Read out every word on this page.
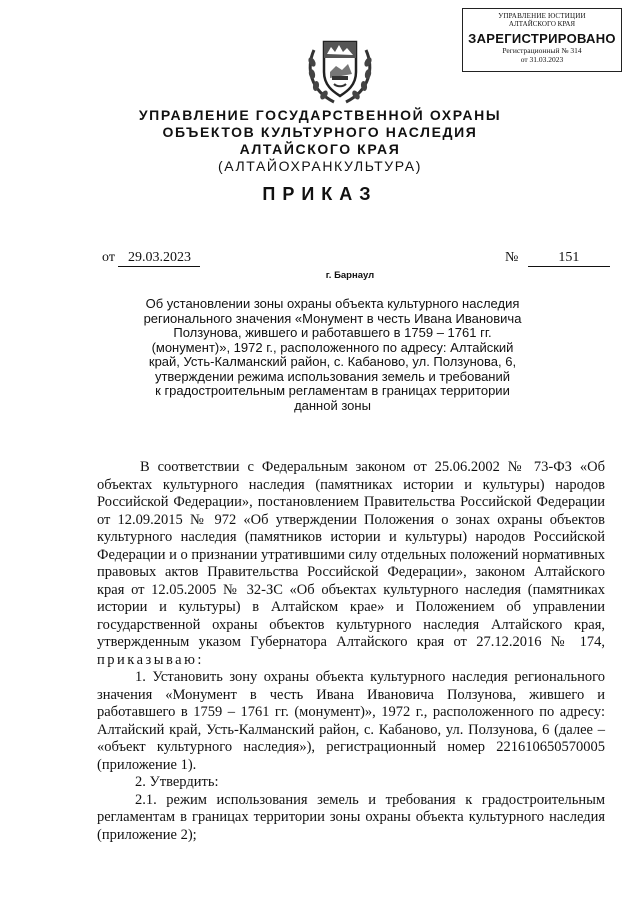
УПРАВЛЕНИЕ ЮСТИЦИИ
АЛТАЙСКОГО КРАЯ
ЗАРЕГИСТРИРОВАНО
Регистрационный № 314
от 31.03.2023
УПРАВЛЕНИЕ ГОСУДАРСТВЕННОЙ ОХРАНЫ
ОБЪЕКТОВ КУЛЬТУРНОГО НАСЛЕДИЯ
АЛТАЙСКОГО КРАЯ
(АЛТАЙОХРАНКУЛЬТУРА)
ПРИКАЗ
от 29.03.2023	№	151
г. Барнаул
Об установлении зоны охраны объекта культурного наследия
регионального значения «Монумент в честь Ивана Ивановича
Ползунова, жившего и работавшего в 1759 – 1761 гг.
(монумент)», 1972 г., расположенного по адресу: Алтайский
край, Усть-Калманский район, с. Кабаново, ул. Ползунова, 6,
утверждении режима использования земель и требований
к градостроительным регламентам в границах территории
данной зоны

В соответствии с Федеральным законом от 25.06.2002 № 73-ФЗ «Об объектах культурного наследия (памятниках истории и культуры) народов Российской Федерации», постановлением Правительства Российской Федерации от 12.09.2015 № 972 «Об утверждении Положения о зонах охраны объектов культурного наследия (памятников истории и культуры) народов Российской Федерации и о признании утратившими силу отдельных положений нормативных правовых актов Правительства Российской Федерации», законом Алтайского края от 12.05.2005 № 32-ЗС «Об объектах культурного наследия (памятниках истории и культуры) в Алтайском крае» и Положением об управлении государственной охраны объектов культурного наследия Алтайского края, утвержденным указом Губернатора Алтайского края от 27.12.2016 № 174, приказываю:

1. Установить зону охраны объекта культурного наследия регионального значения «Монумент в честь Ивана Ивановича Ползунова, жившего и работавшего в 1759 – 1761 гг. (монумент)», 1972 г., расположенного по адресу: Алтайский край, Усть-Калманский район, с. Кабаново, ул. Ползунова, 6 (далее – «объект культурного наследия»), регистрационный номер 221610650570005 (приложение 1).

2. Утвердить:

2.1. режим использования земель и требования к градостроительным регламентам в границах территории зоны охраны объекта культурного наследия (приложение 2);
